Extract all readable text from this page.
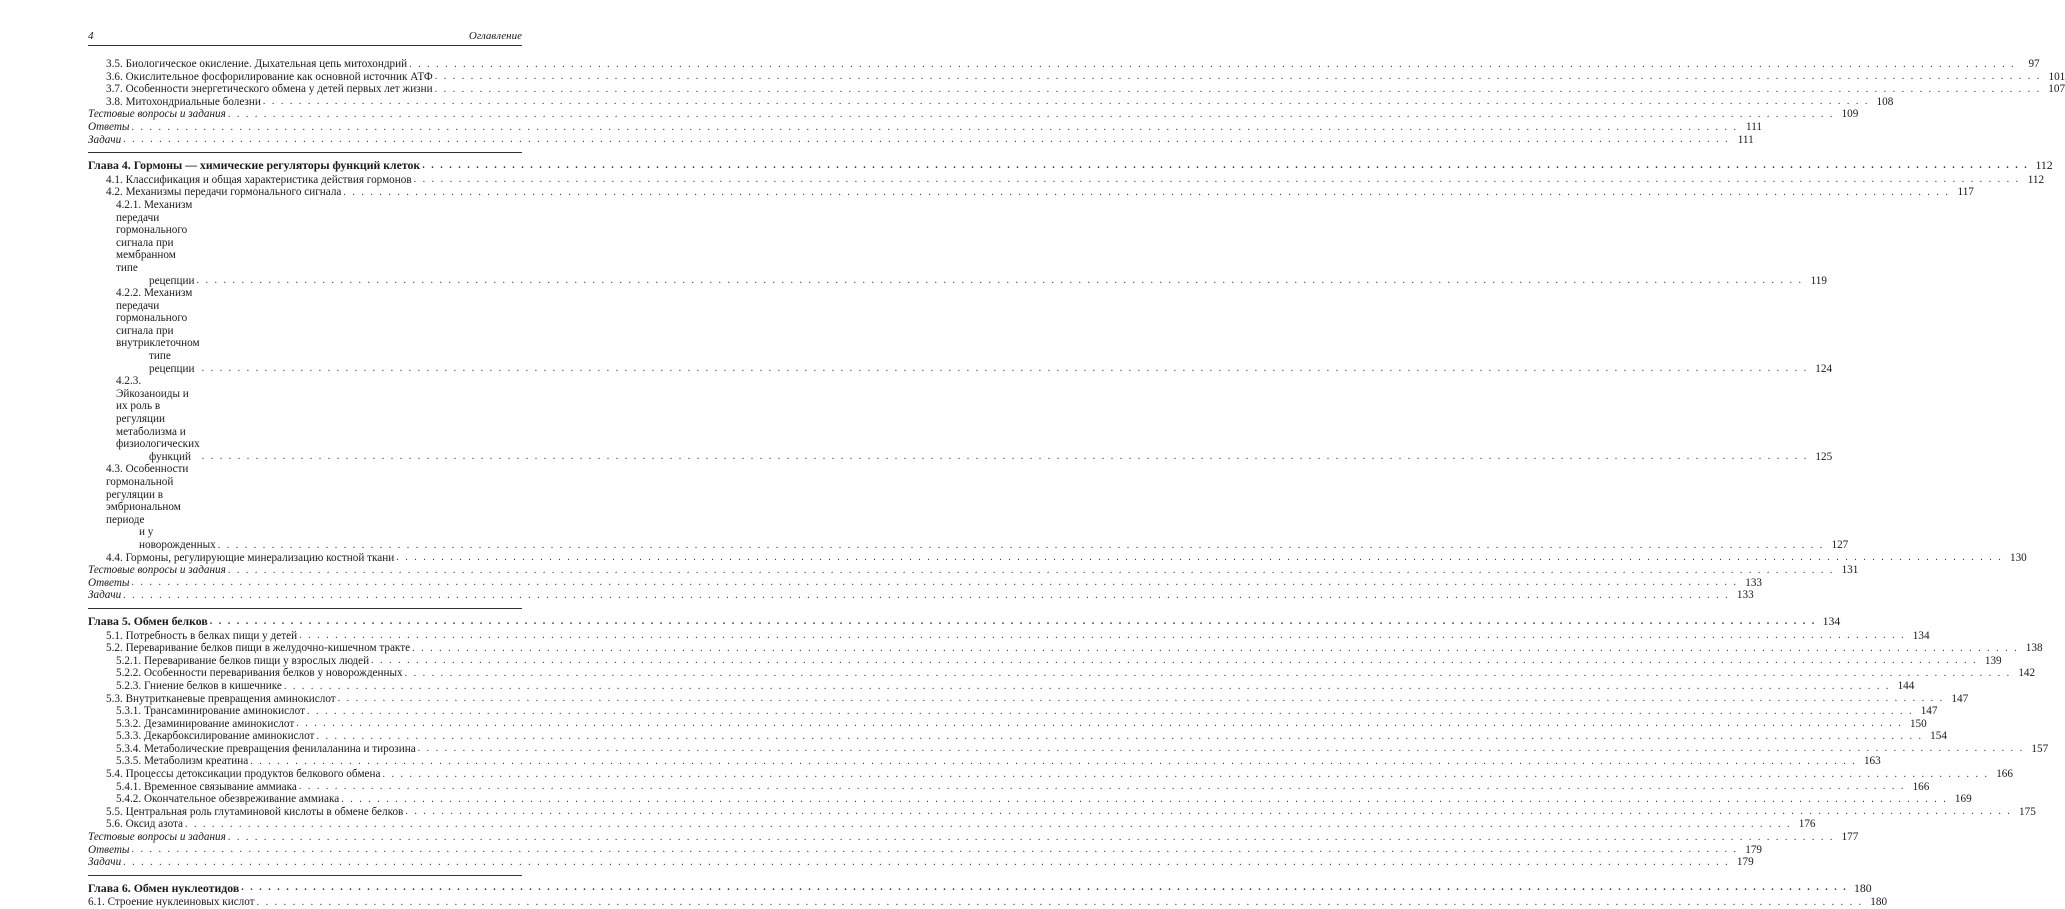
4	Оглавление
3.5. Биологическое окисление. Дыхательная цепь митохондрий . . .	97
3.6. Окислительное фосфорилирование как основной источник АТФ . . .	101
3.7. Особенности энергетического обмена у детей первых лет жизни . . .	107
3.8. Митохондриальные болезни . . .	108
Тестовые вопросы и задания . . .	109
Ответы . . .	111
Задачи . . .	111
Глава 4. Гормоны — химические регуляторы функций клеток . . .	112
4.1. Классификация и общая характеристика действия гормонов . . .	112
4.2. Механизмы передачи гормонального сигнала . . .	117
4.2.1. Механизм передачи гормонального сигнала при мембранном типе
рецепции . . .	119
4.2.2. Механизм передачи гормонального сигнала при внутриклеточном
типе рецепции . . .	124
4.2.3. Эйкозаноиды и их роль в регуляции метаболизма и физиологических
функций . . .	125
4.3. Особенности гормональной регуляции в эмбриональном периоде
и у новорожденных . . .	127
4.4. Гормоны, регулирующие минерализацию костной ткани . . .	130
Тестовые вопросы и задания . . .	131
Ответы . . .	133
Задачи . . .	133
Глава 5. Обмен белков . . .	134
5.1. Потребность в белках пищи у детей . . .	134
5.2. Переваривание белков пищи в желудочно-кишечном тракте . . .	138
5.2.1. Переваривание белков пищи у взрослых людей . . .	139
5.2.2. Особенности переваривания белков у новорожденных . . .	142
5.2.3. Гниение белков в кишечнике . . .	144
5.3. Внутритканевые превращения аминокислот . . .	147
5.3.1. Трансаминирование аминокислот . . .	147
5.3.2. Дезаминирование аминокислот . . .	150
5.3.3. Декарбоксилирование аминокислот . . .	154
5.3.4. Метаболические превращения фенилаланина и тирозина . . .	157
5.3.5. Метаболизм креатина . . .	163
5.4. Процессы детоксикации продуктов белкового обмена . . .	166
5.4.1. Временное связывание аммиака . . .	166
5.4.2. Окончательное обезвреживание аммиака . . .	169
5.5. Центральная роль глутаминовой кислоты в обмене белков . . .	175
5.6. Оксид азота . . .	176
Тестовые вопросы и задания . . .	177
Ответы . . .	179
Задачи . . .	179
Глава 6. Обмен нуклеотидов . . .	180
6.1. Строение нуклеиновых кислот . . .	180
